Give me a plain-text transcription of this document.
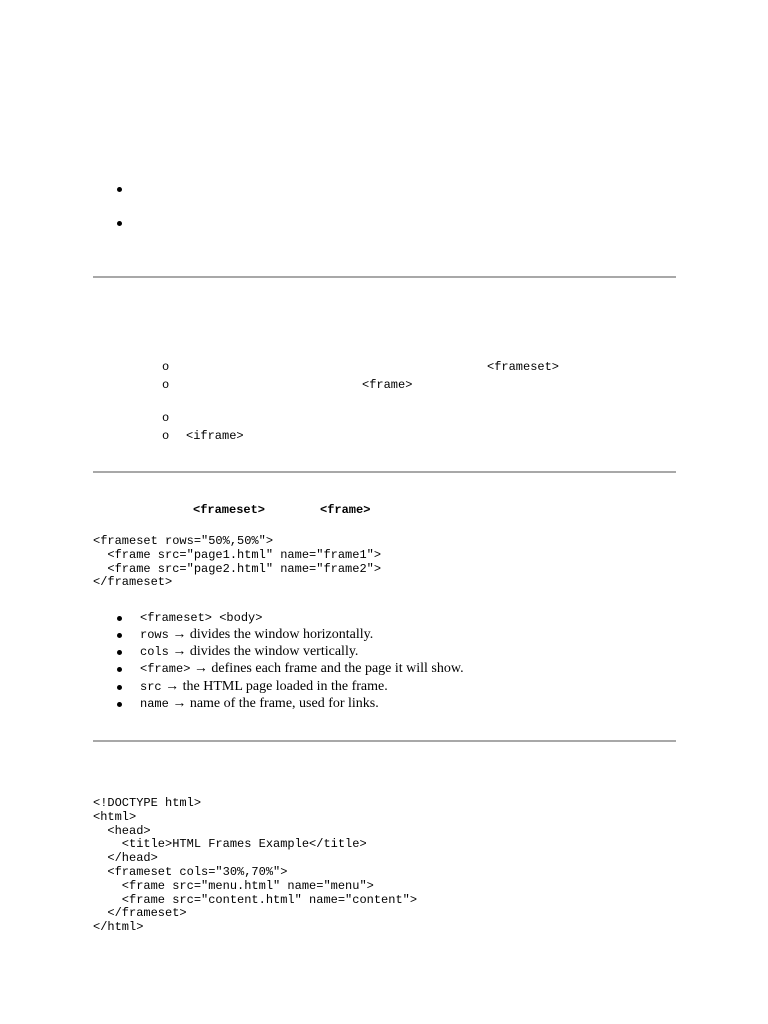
o	<frameset>
o	<frame>
o
o <iframe>
<frameset>	<frame>
<frameset rows="50%,50%">
<frame src="page1.html" name="frame1">
<frame src="page2.html" name="frame2">
</frameset>
<frameset> <body>
rows → divides the window horizontally.
cols → divides the window vertically.
<frame> → defines each frame and the page it will show.
src → the HTML page loaded in the frame.
name → name of the frame, used for links.
<!DOCTYPE html>
<html>
<head>
<title>HTML Frames Example</title>
</head>
<frameset cols="30%,70%">
<frame src="menu.html" name="menu">
<frame src="content.html" name="content">
</frameset>
</html>
